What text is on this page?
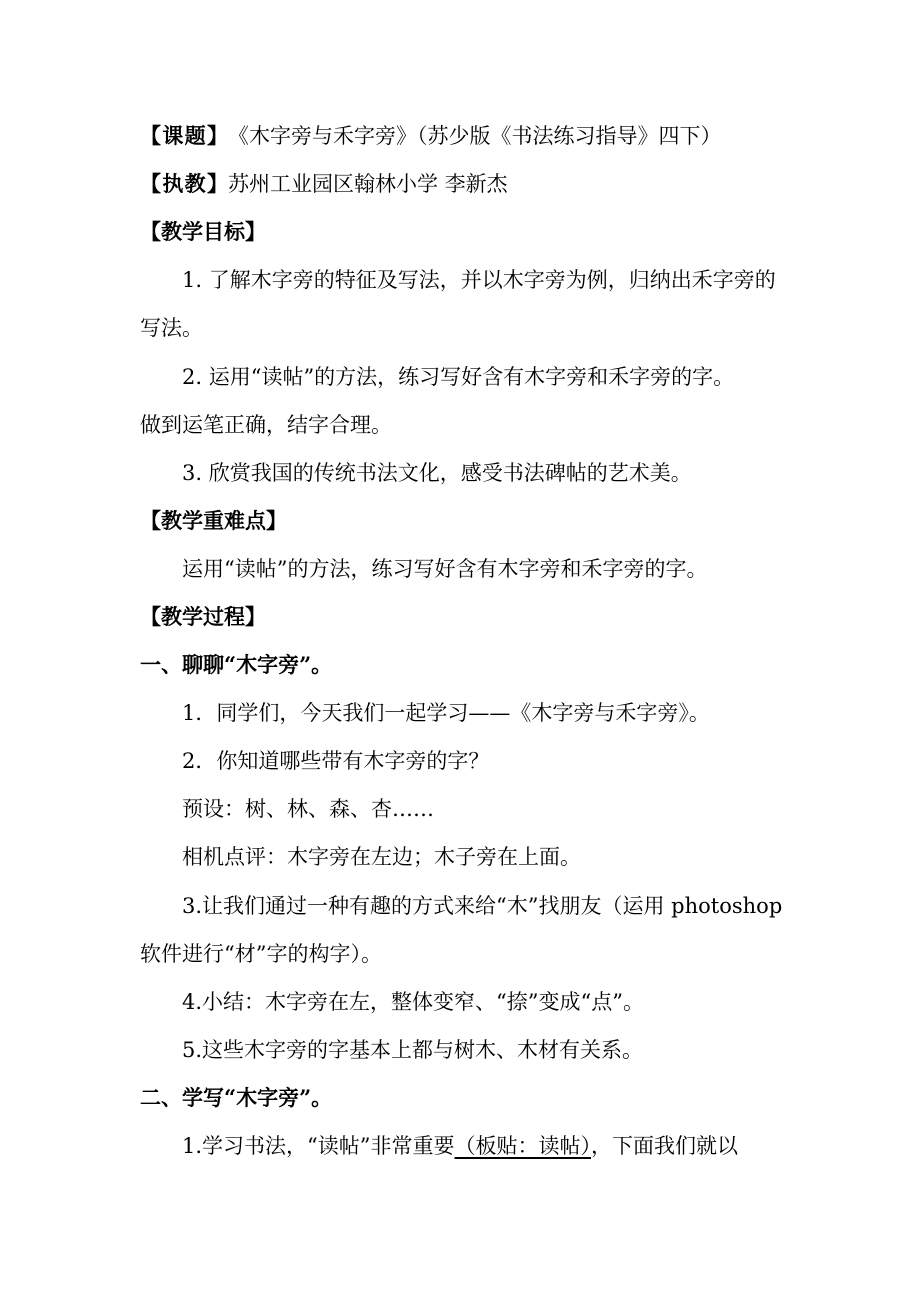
【课题】《木字旁与禾字旁》（苏少版《书法练习指导》四下）
【执教】苏州工业园区翰林小学 李新杰
【教学目标】
1. 了解木字旁的特征及写法，并以木字旁为例，归纳出禾字旁的
写法。
2. 运用“读帖”的方法，练习写好含有木字旁和禾字旁的字。
做到运笔正确，结字合理。
3. 欣赏我国的传统书法文化，感受书法碑帖的艺术美。
【教学重难点】
运用“读帖”的方法，练习写好含有木字旁和禾字旁的字。
【教学过程】
一、聊聊“木字旁”。
1．同学们，今天我们一起学习——《木字旁与禾字旁》。
2．你知道哪些带有木字旁的字？
预设：树、林、森、杏……
相机点评：木字旁在左边；木子旁在上面。
3.让我们通过一种有趣的方式来给“木”找朋友（运用 photoshop
软件进行“材”字的构字）。
4.小结：木字旁在左，整体变窄、“捺”变成“点”。
5.这些木字旁的字基本上都与树木、木材有关系。
二、学写“木字旁”。
1.学习书法，“读帖”非常重要（板贴：读帖），下面我们就以
